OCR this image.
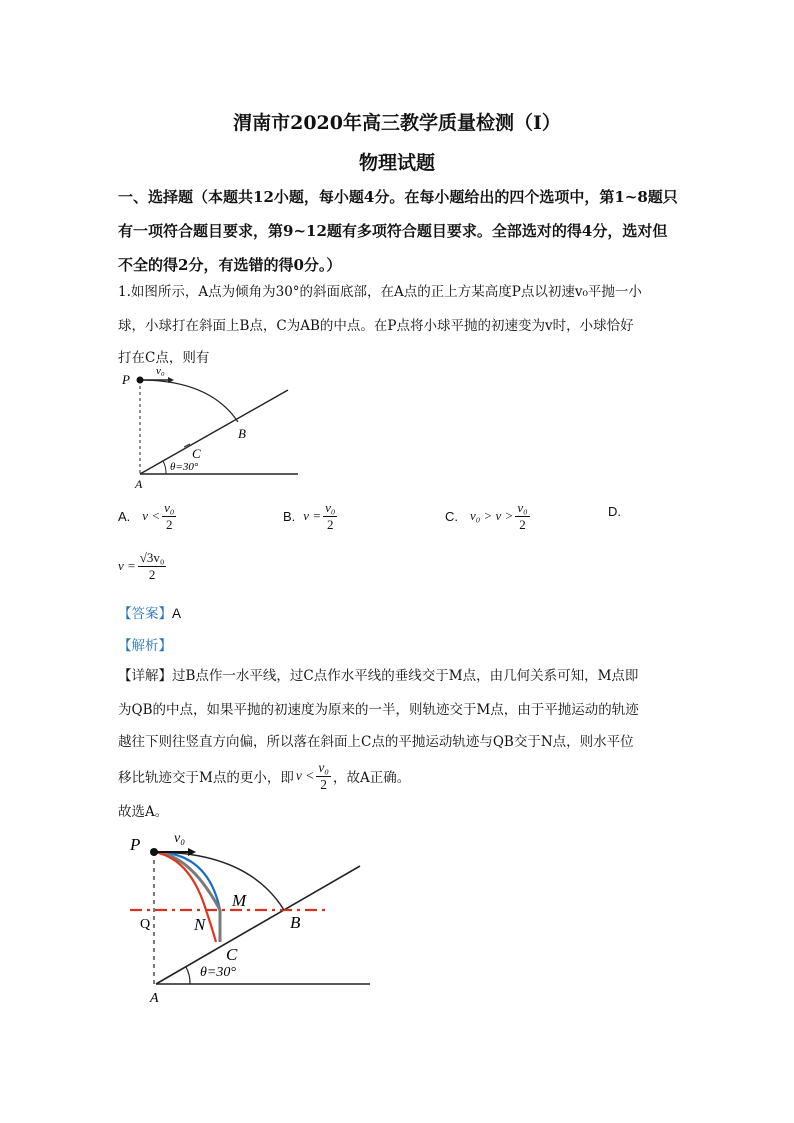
渭南市2020年高三教学质量检测（Ⅰ）
物理试题
一、选择题（本题共12小题，每小题4分。在每小题给出的四个选项中，第1~8题只有一项符合题目要求，第9~12题有多项符合题目要求。全部选对的得4分，选对但不全的得2分，有选错的得0分。）
1.如图所示，A点为倾角为30°的斜面底部，在A点的正上方某高度P点以初速v₀平抛一小
球，小球打在斜面上B点，C为AB的中点。在P点将小球平抛的初速变为v时，小球恰好
打在C点，则有
P
v₀
B
C
θ=30°
A
A. $v < \frac{\text{v₀}}{2}$	B. $v = \frac{\text{v₀}}{2}$	C. $v_0 > v > \frac{\text{v₀}}{2}$	D.
$v = \frac{\text{√3v₀}}{2}$
【答案】A
【解析】
【详解】过B点作一水平线，过C点作水平线的垂线交于M点，由几何关系可知，M点即
为QB的中点，如果平抛的初速度为原来的一半，则轨迹交于M点，由于平抛运动的轨迹
越往下则往竖直方向偏，所以落在斜面上C点的平抛运动轨迹与QB交于N点，则水平位
移比轨迹交于M点的更小，即 $v < \frac{\text{v₀}}{2}$ ，故A正确。
故选A。
P v₀
M
Q	N	B
C
θ=30°
A
